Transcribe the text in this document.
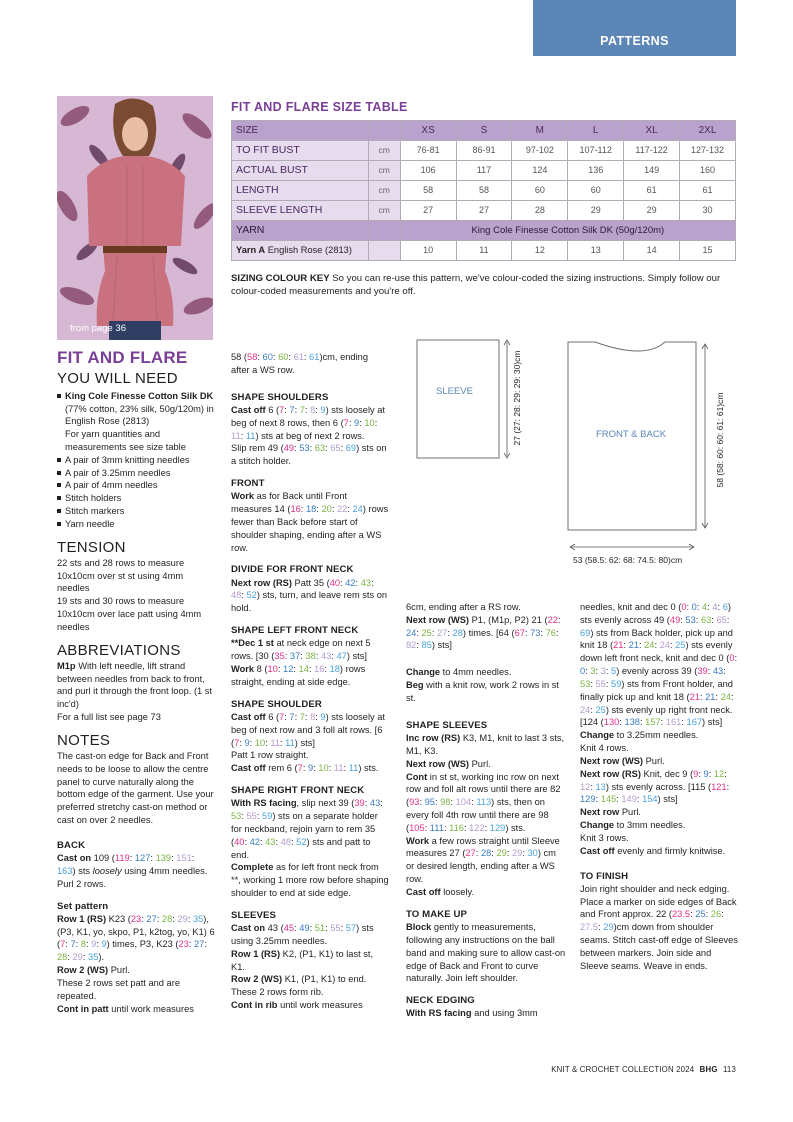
PATTERNS
from page 36
FIT AND FLARE SIZE TABLE
SIZE		XS	S	M	L	XL	2XL
TO FIT BUST	cm	76-81	86-91	97-102	107-112	117-122	127-132
ACTUAL BUST	cm	106	117	124	136	149	160
LENGTH	cm	58	58	60	60	61	61
SLEEVE LENGTH	cm	27	27	28	29	29	30
YARN		King Cole Finesse Cotton Silk DK (50g/120m)					
Yarn A English Rose (2813)		10	11	12	13	14	15
SIZING COLOUR KEY So you can re-use this pattern, we've colour-coded the sizing instructions. Simply follow our colour-coded measurements and you're off.
SLEEVE
FRONT & BACK
27 (27: 28: 29: 29: 30)cm	58 (58: 60: 60: 61: 61)cm
53 (58.5: 62: 68: 74.5: 80)cm
FIT AND FLARE
YOU WILL NEED
King Cole Finesse Cotton Silk DK (77% cotton, 23% silk, 50g/120m) in English Rose (2813)
For yarn quantities and measurements see size table
A pair of 3mm knitting needles
A pair of 3.25mm needles
A pair of 4mm needles
Stitch holders
Stitch markers
Yarn needle
TENSION

22 sts and 28 rows to measure 10x10cm over st st using 4mm needles

19 sts and 30 rows to measure 10x10cm over lace patt using 4mm needles

ABBREVIATIONS

M1p With left needle, lift strand between needles from back to front, and purl it through the front loop. (1 st inc'd)

For a full list see page 73

NOTES

The cast-on edge for Back and Front needs to be loose to allow the centre panel to curve naturally along the bottom edge of the garment. Use your preferred stretchy cast-on method or cast on over 2 needles.

BACK

Cast on 109 (119: 127: 139: 151: 163) sts loosely using 4mm needles. Purl 2 rows.

Set pattern

Row 1 (RS) K23 (23: 27: 28: 29: 35), (P3, K1, yo, skpo, P1, k2tog, yo, K1) 6 (7: 7: 8: 9: 9) times, P3, K23 (23: 27: 28: 29: 35).
Row 2 (WS) Purl.
These 2 rows set patt and are repeated.
Cont in patt until work measures

58 (58: 60: 60: 61: 61)cm, ending after a WS row.

SHAPE SHOULDERS

Cast off 6 (7: 7: 7: 8: 9) sts loosely at beg of next 8 rows, then 6 (7: 9: 10: 11: 11) sts at beg of next 2 rows.
Slip rem 49 (49: 53: 63: 65: 69) sts on a stitch holder.

FRONT

Work as for Back until Front measures 14 (16: 18: 20: 22: 24) rows fewer than Back before start of shoulder shaping, ending after a WS row.

DIVIDE FOR FRONT NECK

Next row (RS) Patt 35 (40: 42: 43: 48: 52) sts, turn, and leave rem sts on hold.

SHAPE LEFT FRONT NECK

**Dec 1 st at neck edge on next 5 rows. [30 (35: 37: 38: 43: 47) sts]
Work 8 (10: 12: 14: 16: 18) rows straight, ending at side edge.

SHAPE SHOULDER

Cast off 6 (7: 7: 7: 8: 9) sts loosely at beg of next row and 3 foll alt rows. [6 (7: 9: 10: 11: 11) sts]
Patt 1 row straight.
Cast off rem 6 (7: 9: 10: 11: 11) sts.

SHAPE RIGHT FRONT NECK

With RS facing, slip next 39 (39: 43: 53: 55: 59) sts on a separate holder for neckband, rejoin yarn to rem 35 (40: 42: 43: 48: 52) sts and patt to end.
Complete as for left front neck from **, working 1 more row before shaping shoulder to end at side edge.

SLEEVES

Cast on 43 (45: 49: 51: 55: 57) sts using 3.25mm needles.
Row 1 (RS) K2, (P1, K1) to last st, K1.
Row 2 (WS) K1, (P1, K1) to end.
These 2 rows form rib.
Cont in rib until work measures

6cm, ending after a RS row.
Next row (WS) P1, (M1p, P2) 21 (22: 24: 25: 27: 28) times. [64 (67: 73: 76: 82: 85) sts]

Change to 4mm needles.
Beg with a knit row, work 2 rows in st st.

SHAPE SLEEVES

Inc row (RS) K3, M1, knit to last 3 sts, M1, K3.
Next row (WS) Purl.
Cont in st st, working inc row on next row and foll alt rows until there are 82 (93: 95: 98: 104: 113) sts, then on every foll 4th row until there are 98 (105: 111: 116: 122: 129) sts.
Work a few rows straight until Sleeve measures 27 (27: 28: 29: 29: 30) cm or desired length, ending after a WS row.
Cast off loosely.

TO MAKE UP

Block gently to measurements, following any instructions on the ball band and making sure to allow cast-on edge of Back and Front to curve naturally. Join left shoulder.

NECK EDGING

With RS facing and using 3mm

needles, knit and dec 0 (0: 0: 4: 4: 6) sts evenly across 49 (49: 53: 63: 65: 69) sts from Back holder, pick up and knit 18 (21: 21: 24: 24: 25) sts evenly down left front neck, knit and dec 0 (0: 0: 3: 3: 5) evenly across 39 (39: 43: 53: 55: 59) sts from Front holder, and finally pick up and knit 18 (21: 21: 24: 24: 25) sts evenly up right front neck. [124 (130: 138: 157: 161: 167) sts]
Change to 3.25mm needles.
Knit 4 rows.
Next row (WS) Purl.
Next row (RS) Knit, dec 9 (9: 9: 12: 12: 13) sts evenly across. [115 (121: 129: 145: 149: 154) sts]
Next row Purl.
Change to 3mm needles.
Knit 3 rows.
Cast off evenly and firmly knitwise.

TO FINISH

Join right shoulder and neck edging. Place a marker on side edges of Back and Front approx. 22 (23.5: 25: 26: 27.5: 29)cm down from shoulder seams. Stitch cast-off edge of Sleeves between markers. Join side and Sleeve seams. Weave in ends.

KNIT & CROCHET COLLECTION 2024 BHG 113
